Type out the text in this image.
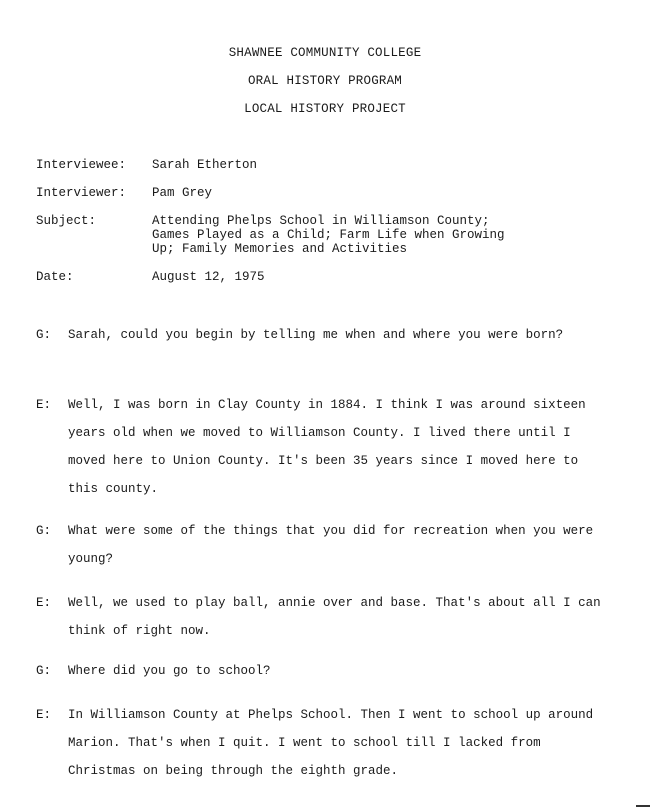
SHAWNEE COMMUNITY COLLEGE
ORAL HISTORY PROGRAM
LOCAL HISTORY PROJECT
Interviewee:	Sarah Etherton
Interviewer:	Pam Grey
Subject:	Attending Phelps School in Williamson County;
Games Played as a Child; Farm Life when Growing
Up; Family Memories and Activities
Date:	August 12, 1975
G:	Sarah, could you begin by telling me when and where you were born?
E:	Well, I was born in Clay County in 1884. I think I was around sixteen years old when we moved to Williamson County. I lived there until I moved here to Union County. It's been 35 years since I moved here to this county.
G:	What were some of the things that you did for recreation when you were young?
E:	Well, we used to play ball, annie over and base. That's about all I can think of right now.
G:	Where did you go to school?
E:	In Williamson County at Phelps School. Then I went to school up around Marion. That's when I quit. I went to school till I lacked from Christmas on being through the eighth grade.
